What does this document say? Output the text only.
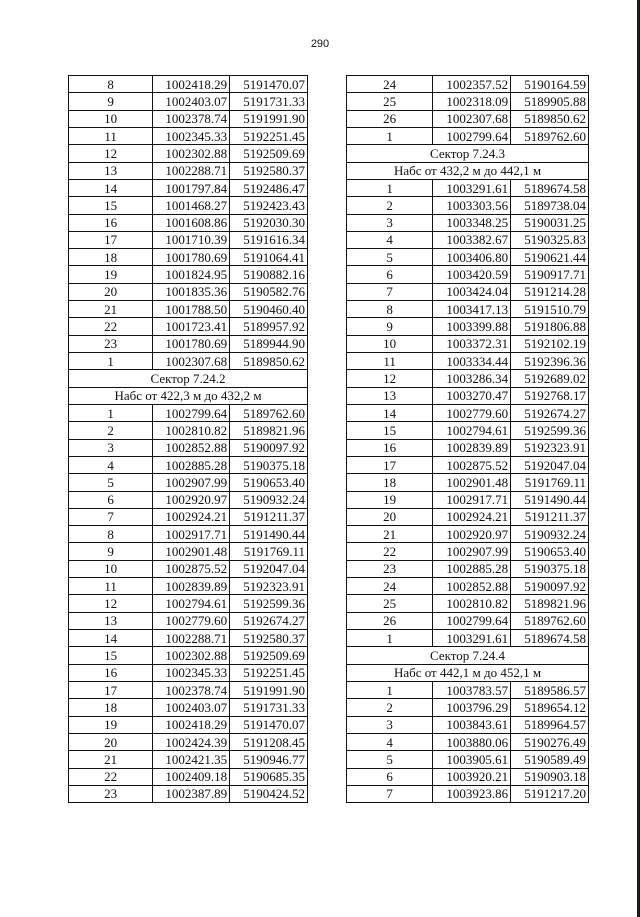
290
8	1002418.29	5191470.07
9	1002403.07	5191731.33
10	1002378.74	5191991.90
11	1002345.33	5192251.45
12	1002302.88	5192509.69
13	1002288.71	5192580.37
14	1001797.84	5192486.47
15	1001468.27	5192423.43
16	1001608.86	5192030.30
17	1001710.39	5191616.34
18	1001780.69	5191064.41
19	1001824.95	5190882.16
20	1001835.36	5190582.76
21	1001788.50	5190460.40
22	1001723.41	5189957.92
23	1001780.69	5189944.90
1	1002307.68	5189850.62
Сектор 7.24.2		
Набс от 422,3 м до 432,2 м		
1	1002799.64	5189762.60
2	1002810.82	5189821.96
3	1002852.88	5190097.92
4	1002885.28	5190375.18
5	1002907.99	5190653.40
6	1002920.97	5190932.24
7	1002924.21	5191211.37
8	1002917.71	5191490.44
9	1002901.48	5191769.11
10	1002875.52	5192047.04
11	1002839.89	5192323.91
12	1002794.61	5192599.36
13	1002779.60	5192674.27
14	1002288.71	5192580.37
15	1002302.88	5192509.69
16	1002345.33	5192251.45
17	1002378.74	5191991.90
18	1002403.07	5191731.33
19	1002418.29	5191470.07
20	1002424.39	5191208.45
21	1002421.35	5190946.77
22	1002409.18	5190685.35
23	1002387.89	5190424.52
24	1002357.52	5190164.59
25	1002318.09	5189905.88
26	1002307.68	5189850.62
1	1002799.64	5189762.60
Сектор 7.24.3		
Набс от 432,2 м до 442,1 м		
1	1003291.61	5189674.58
2	1003303.56	5189738.04
3	1003348.25	5190031.25
4	1003382.67	5190325.83
5	1003406.80	5190621.44
6	1003420.59	5190917.71
7	1003424.04	5191214.28
8	1003417.13	5191510.79
9	1003399.88	5191806.88
10	1003372.31	5192102.19
11	1003334.44	5192396.36
12	1003286.34	5192689.02
13	1003270.47	5192768.17
14	1002779.60	5192674.27
15	1002794.61	5192599.36
16	1002839.89	5192323.91
17	1002875.52	5192047.04
18	1002901.48	5191769.11
19	1002917.71	5191490.44
20	1002924.21	5191211.37
21	1002920.97	5190932.24
22	1002907.99	5190653.40
23	1002885.28	5190375.18
24	1002852.88	5190097.92
25	1002810.82	5189821.96
26	1002799.64	5189762.60
1	1003291.61	5189674.58
Сектор 7.24.4		
Набс от 442,1 м до 452,1 м		
1	1003783.57	5189586.57
2	1003796.29	5189654.12
3	1003843.61	5189964.57
4	1003880.06	5190276.49
5	1003905.61	5190589.49
6	1003920.21	5190903.18
7	1003923.86	5191217.20
